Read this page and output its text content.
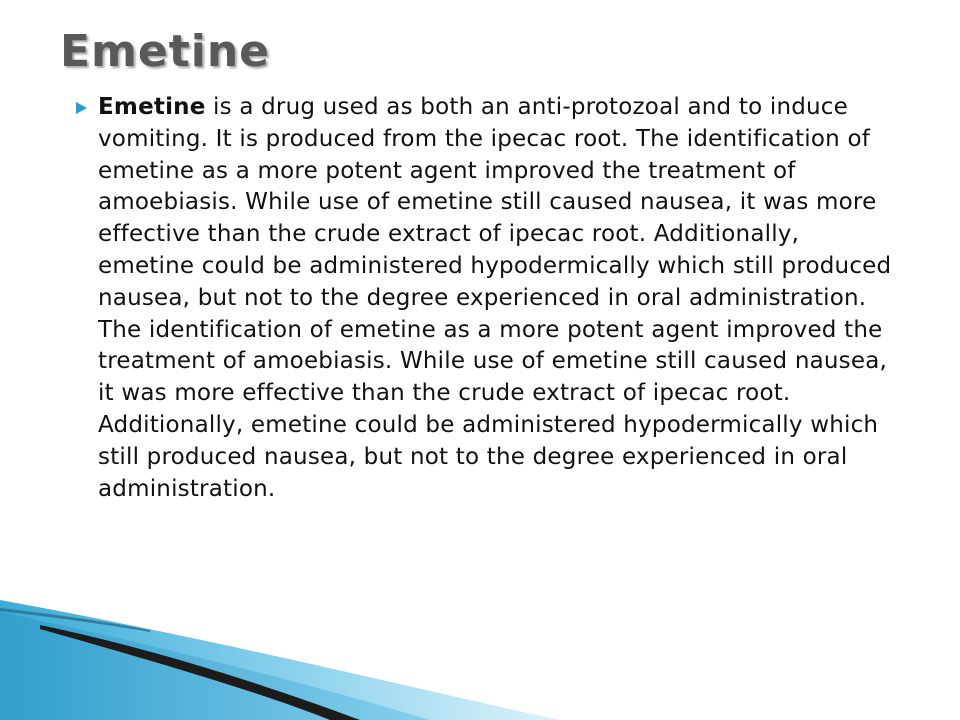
Emetine

Emetine is a drug used as both an anti-protozoal and to induce vomiting. It is produced from the ipecac root. The identification of emetine as a more potent agent improved the treatment of amoebiasis. While use of emetine still caused nausea, it was more effective than the crude extract of ipecac root. Additionally, emetine could be administered hypodermically which still produced nausea, but not to the degree experienced in oral administration. The identification of emetine as a more potent agent improved the treatment of amoebiasis. While use of emetine still caused nausea, it was more effective than the crude extract of ipecac root. Additionally, emetine could be administered hypodermically which still produced nausea, but not to the degree experienced in oral administration.
